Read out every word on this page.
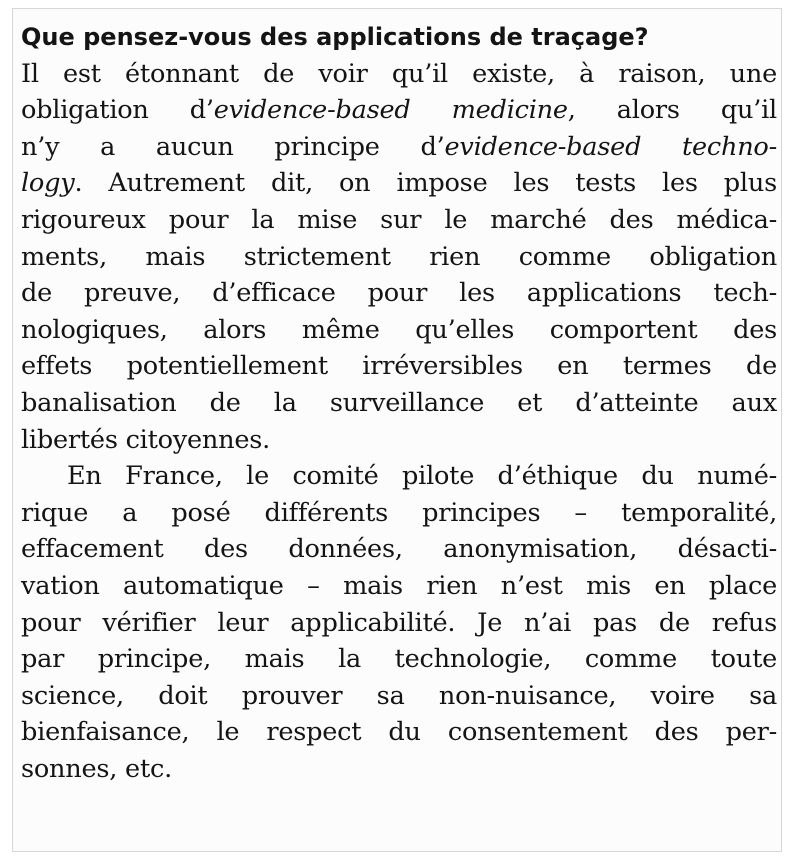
Que pensez-vous des applications de traçage?
Il est étonnant de voir qu’il existe, à raison, une
obligation d’evidence-based medicine, alors qu’il
n’y a aucun principe d’evidence-based techno-
logy. Autrement dit, on impose les tests les plus
rigoureux pour la mise sur le marché des médica-
ments, mais strictement rien comme obligation
de preuve, d’efficace pour les applications tech-
nologiques, alors même qu’elles comportent des
effets potentiellement irréversibles en termes de
banalisation de la surveillance et d’atteinte aux
libertés citoyennes.
En France, le comité pilote d’éthique du numé-
rique a posé différents principes – temporalité,
effacement des données, anonymisation, désacti-
vation automatique – mais rien n’est mis en place
pour vérifier leur applicabilité. Je n’ai pas de refus
par principe, mais la technologie, comme toute
science, doit prouver sa non-nuisance, voire sa
bienfaisance, le respect du consentement des per-
sonnes, etc.
